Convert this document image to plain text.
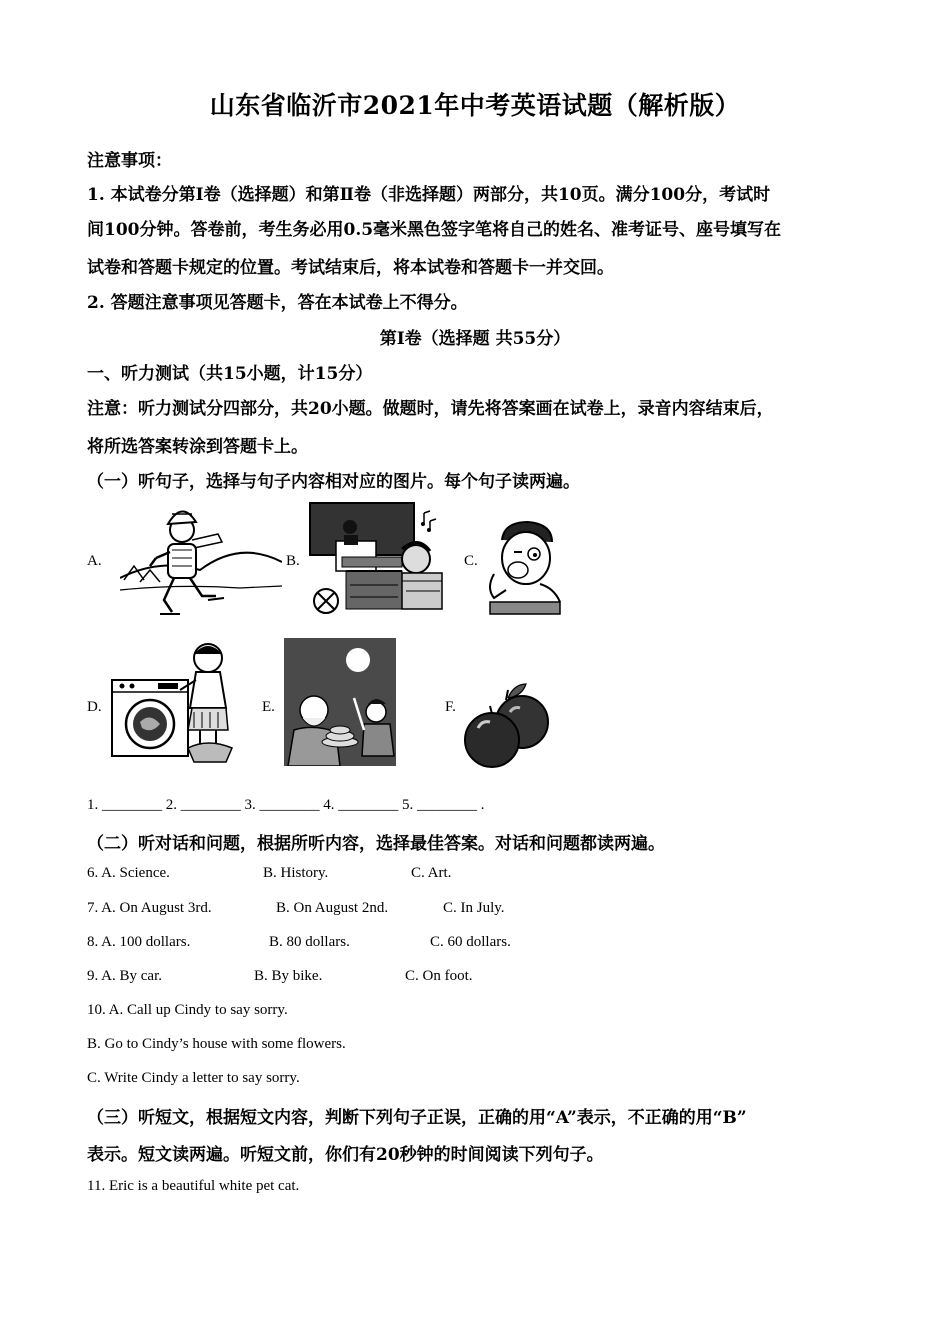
山东省临沂市2021年中考英语试题（解析版）
注意事项：
1. 本试卷分第Ⅰ卷（选择题）和第Ⅱ卷（非选择题）两部分，共10页。满分100分，考试时
间100分钟。答卷前，考生务必用0.5毫米黑色签字笔将自己的姓名、准考证号、座号填写在
试卷和答题卡规定的位置。考试结束后，将本试卷和答题卡一并交回。
2. 答题注意事项见答题卡，答在本试卷上不得分。
第Ⅰ卷（选择题 共55分）
一、听力测试（共15小题，计15分）
注意：听力测试分四部分，共20小题。做题时，请先将答案画在试卷上，录音内容结束后，
将所选答案转涂到答题卡上。
（一）听句子，选择与句子内容相对应的图片。每个句子读两遍。
A.	B.	C.
D.	E.	F.
1. ________ 2. ________ 3. ________ 4. ________ 5. ________ .
（二）听对话和问题，根据所听内容，选择最佳答案。对话和问题都读两遍。
6. A. Science.	B. History.	C. Art.
7. A. On August 3rd.	B. On August 2nd.	C. In July.
8. A. 100 dollars.	B. 80 dollars.	C. 60 dollars.
9. A. By car.	B. By bike.	C. On foot.
10. A. Call up Cindy to say sorry.
B. Go to Cindy’s house with some flowers.
C. Write Cindy a letter to say sorry.
（三）听短文，根据短文内容，判断下列句子正误，正确的用“A”表示，不正确的用“B”
表示。短文读两遍。听短文前，你们有20秒钟的时间阅读下列句子。
11. Eric is a beautiful white pet cat.
